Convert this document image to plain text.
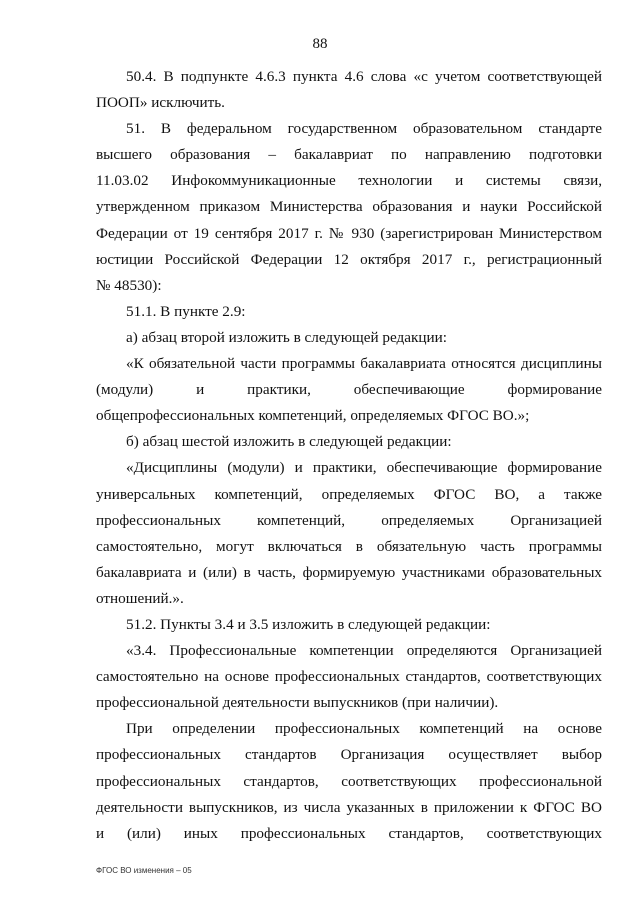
88
50.4. В подпункте 4.6.3 пункта 4.6 слова «с учетом соответствующей
ПООП» исключить.
51. В федеральном государственном образовательном стандарте
высшего образования – бакалавриат по направлению подготовки
11.03.02 Инфокоммуникационные технологии и системы связи,
утвержденном приказом Министерства образования и науки Российской
Федерации от 19 сентября 2017 г. № 930 (зарегистрирован Министерством
юстиции Российской Федерации 12 октября 2017 г., регистрационный
№ 48530):
51.1. В пункте 2.9:
а) абзац второй изложить в следующей редакции:
«К обязательной части программы бакалавриата относятся дисциплины
(модули) и практики, обеспечивающие формирование
общепрофессиональных компетенций, определяемых ФГОС ВО.»;
б) абзац шестой изложить в следующей редакции:
«Дисциплины (модули) и практики, обеспечивающие формирование
универсальных компетенций, определяемых ФГОС ВО, а также
профессиональных компетенций, определяемых Организацией
самостоятельно, могут включаться в обязательную часть программы
бакалавриата и (или) в часть, формируемую участниками образовательных
отношений.».
51.2. Пункты 3.4 и 3.5 изложить в следующей редакции:
«3.4. Профессиональные компетенции определяются Организацией
самостоятельно на основе профессиональных стандартов, соответствующих
профессиональной деятельности выпускников (при наличии).
При определении профессиональных компетенций на основе
профессиональных стандартов Организация осуществляет выбор
профессиональных стандартов, соответствующих профессиональной
деятельности выпускников, из числа указанных в приложении к ФГОС ВО
и (или) иных профессиональных стандартов, соответствующих
ФГОС ВО изменения – 05
